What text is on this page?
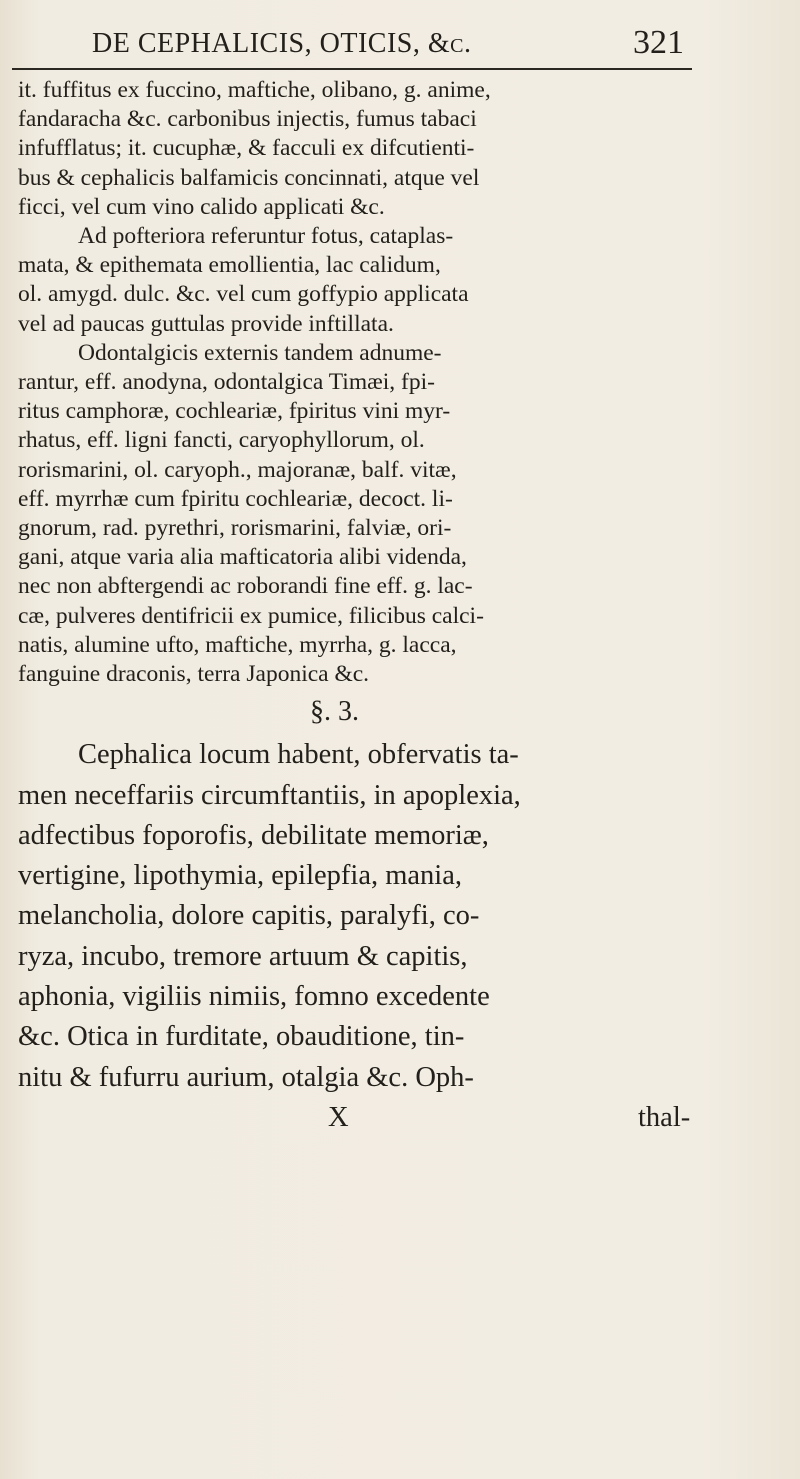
DE CEPHALICIS, OTICIS, &c.	321
it. fuffitus ex fuccino, maftiche, olibano, g. anime,
fandaracha &c. carbonibus injectis, fumus tabaci
infufflatus; it. cucuphæ, & facculi ex difcutienti-
bus & cephalicis balfamicis concinnati, atque vel
ficci, vel cum vino calido applicati &c.
Ad pofteriora referuntur fotus, cataplas-
mata, & epithemata emollientia, lac calidum,
ol. amygd. dulc. &c. vel cum goffypio applicata
vel ad paucas guttulas provide inftillata.
Odontalgicis externis tandem adnume-
rantur, eff. anodyna, odontalgica Timæi, fpi-
ritus camphoræ, cochleariæ, fpiritus vini myr-
rhatus, eff. ligni fancti, caryophyllorum, ol.
rorismarini, ol. caryoph., majoranæ, balf. vitæ,
eff. myrrhæ cum fpiritu cochleariæ, decoct. li-
gnorum, rad. pyrethri, rorismarini, falviæ, ori-
gani, atque varia alia mafticatoria alibi videnda,
nec non abftergendi ac roborandi fine eff. g. lac-
cæ, pulveres dentifricii ex pumice, filicibus calci-
natis, alumine ufto, maftiche, myrrha, g. lacca,
fanguine draconis, terra Japonica &c.
§. 3.
Cephalica locum habent, obfervatis ta-
men neceffariis circumftantiis, in apoplexia,
adfectibus foporofis, debilitate memoriæ,
vertigine, lipothymia, epilepfia, mania,
melancholia, dolore capitis, paralyfi, co-
ryza, incubo, tremore artuum & capitis,
aphonia, vigiliis nimiis, fomno excedente
&c. Otica in furditate, obauditione, tin-
nitu & fufurru aurium, otalgia &c. Oph-
X	thal-
